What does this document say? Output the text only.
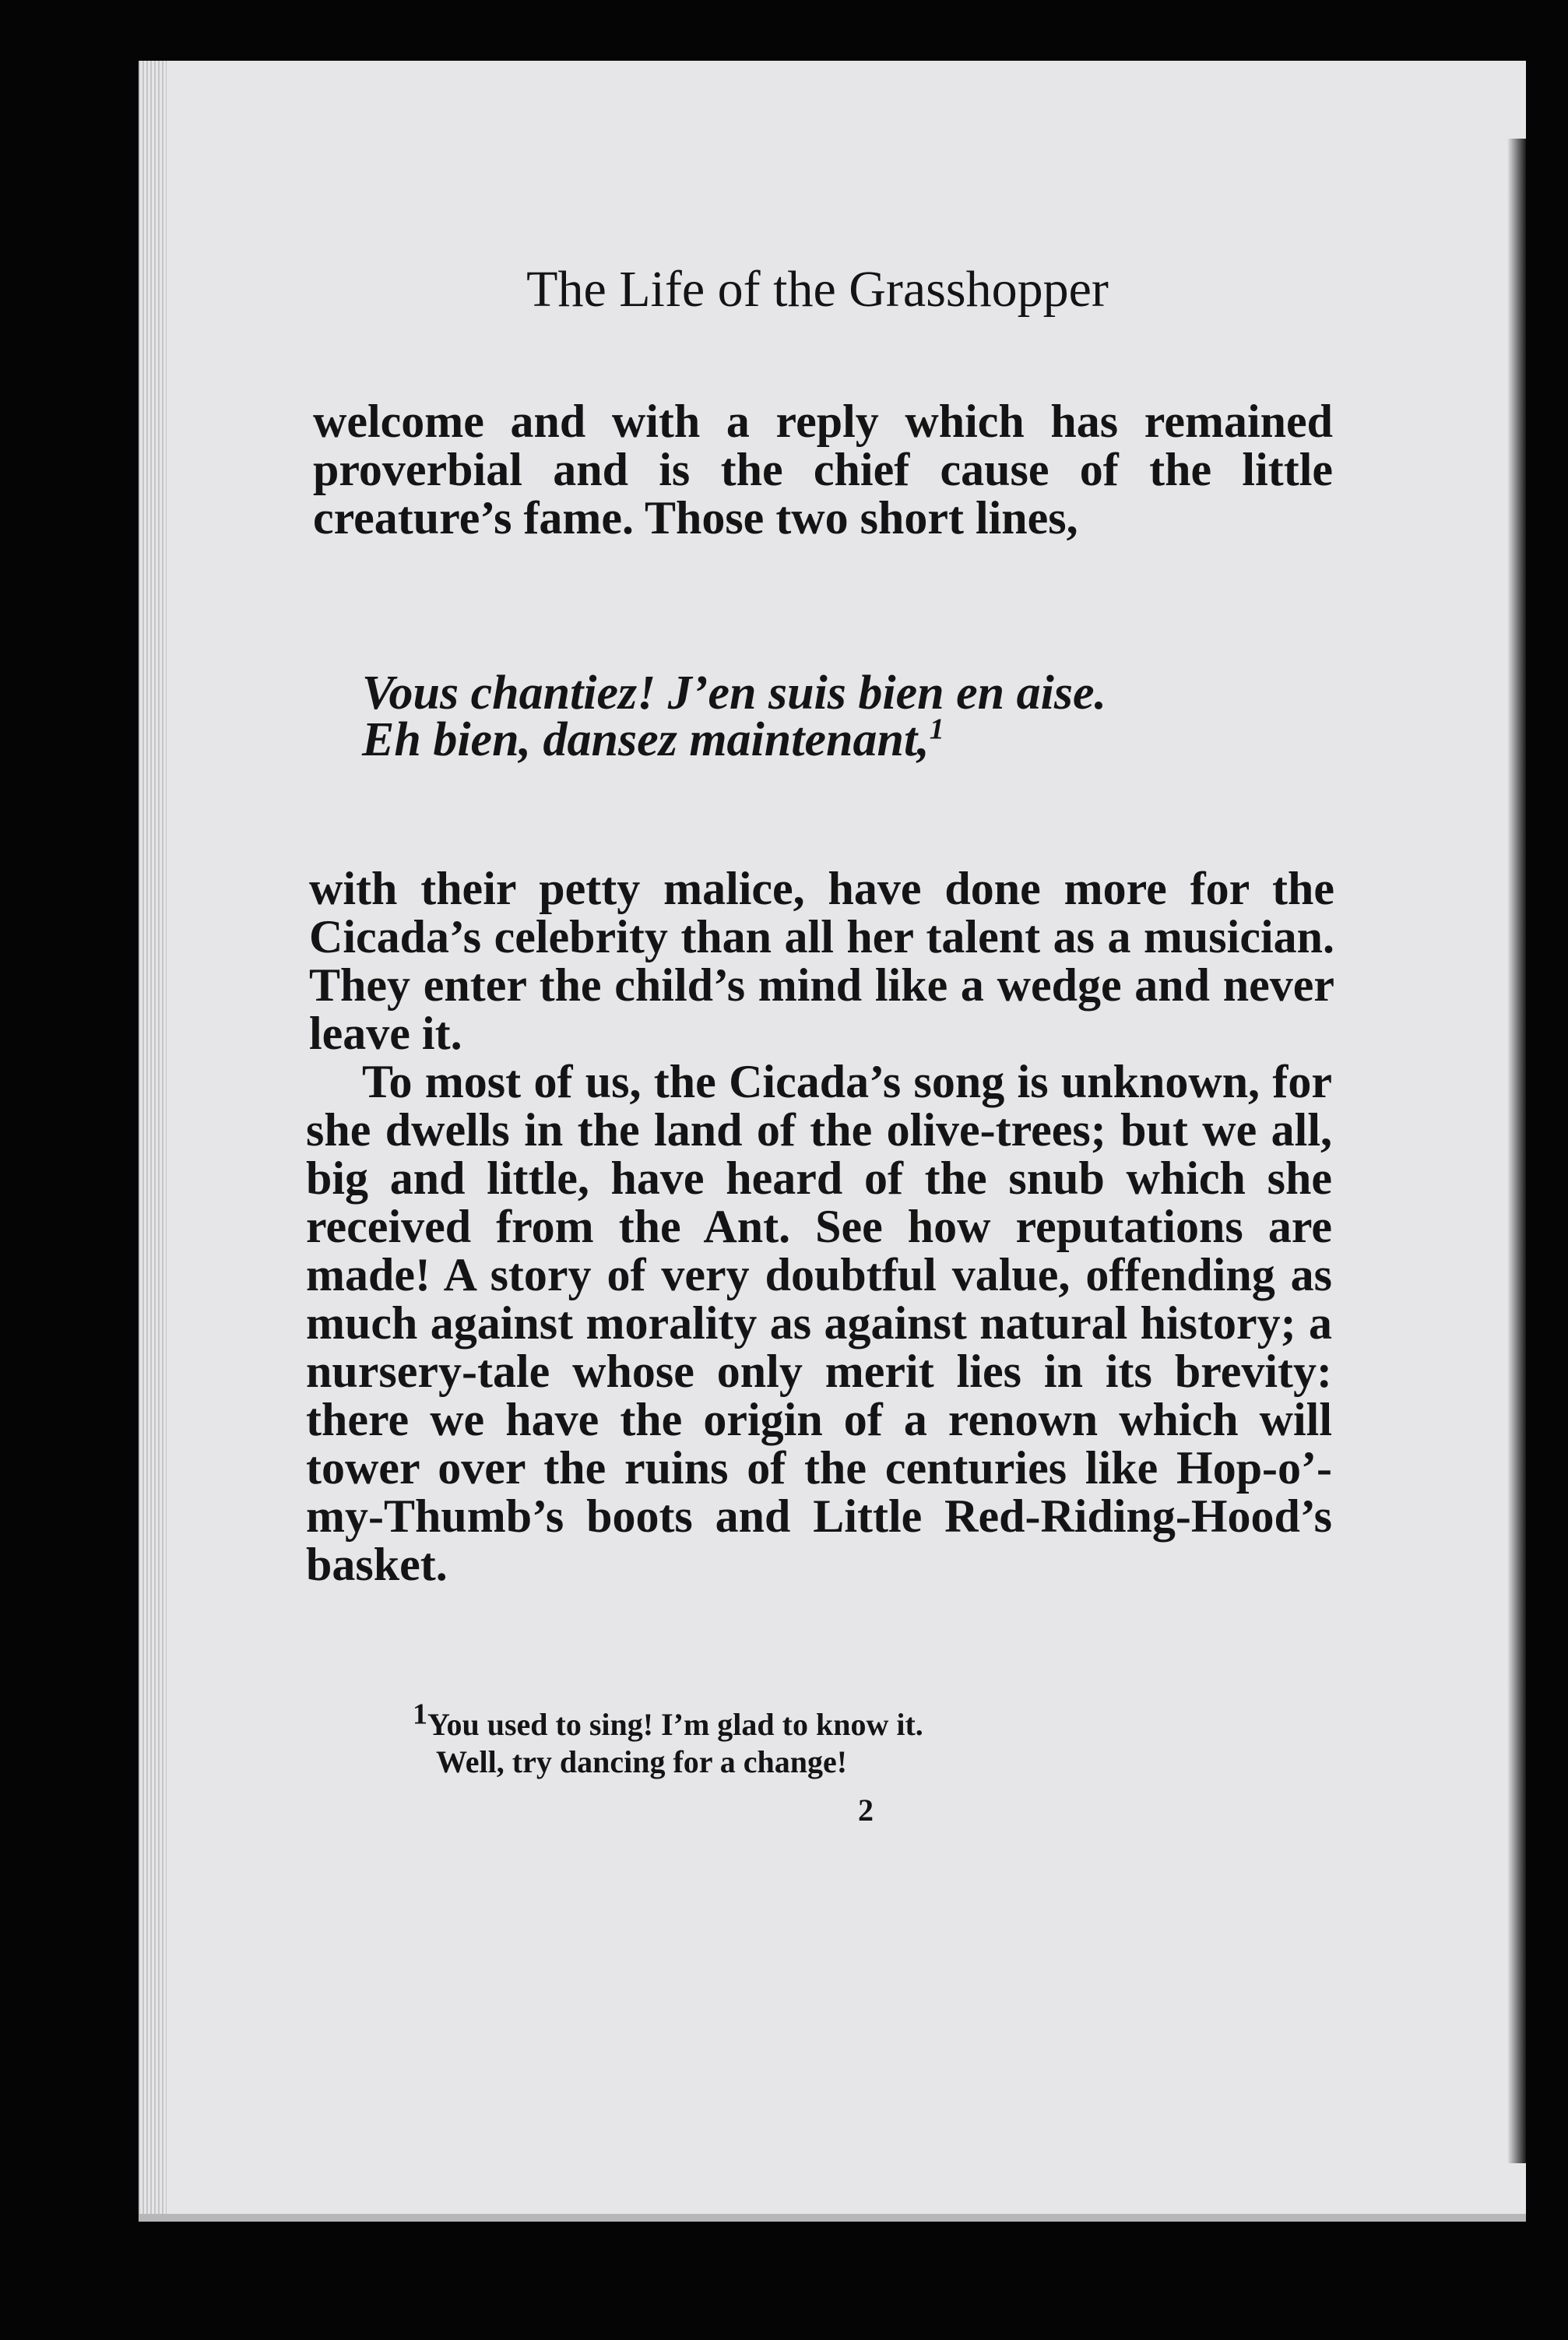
The Life of the Grasshopper
welcome and with a reply which has remained proverbial and is the chief cause of the little creature’s fame. Those two short lines,
Vous chantiez! J’en suis bien en aise.
Eh bien, dansez maintenant,$^1$
with their petty malice, have done more for the Cicada’s celebrity than all her talent as a musician. They enter the child’s mind like a wedge and never leave it.
To most of us, the Cicada’s song is unknown, for she dwells in the land of the olive-trees; but we all, big and little, have heard of the snub which she received from the Ant. See how reputations are made! A story of very doubtful value, offending as much against morality as against natural history; a nursery-tale whose only merit lies in its brevity: there we have the origin of a renown which will tower over the ruins of the centuries like Hop-o’-my-Thumb’s boots and Little Red-Riding-Hood’s basket.
1You used to sing! I’m glad to know it.
Well, try dancing for a change!
2
